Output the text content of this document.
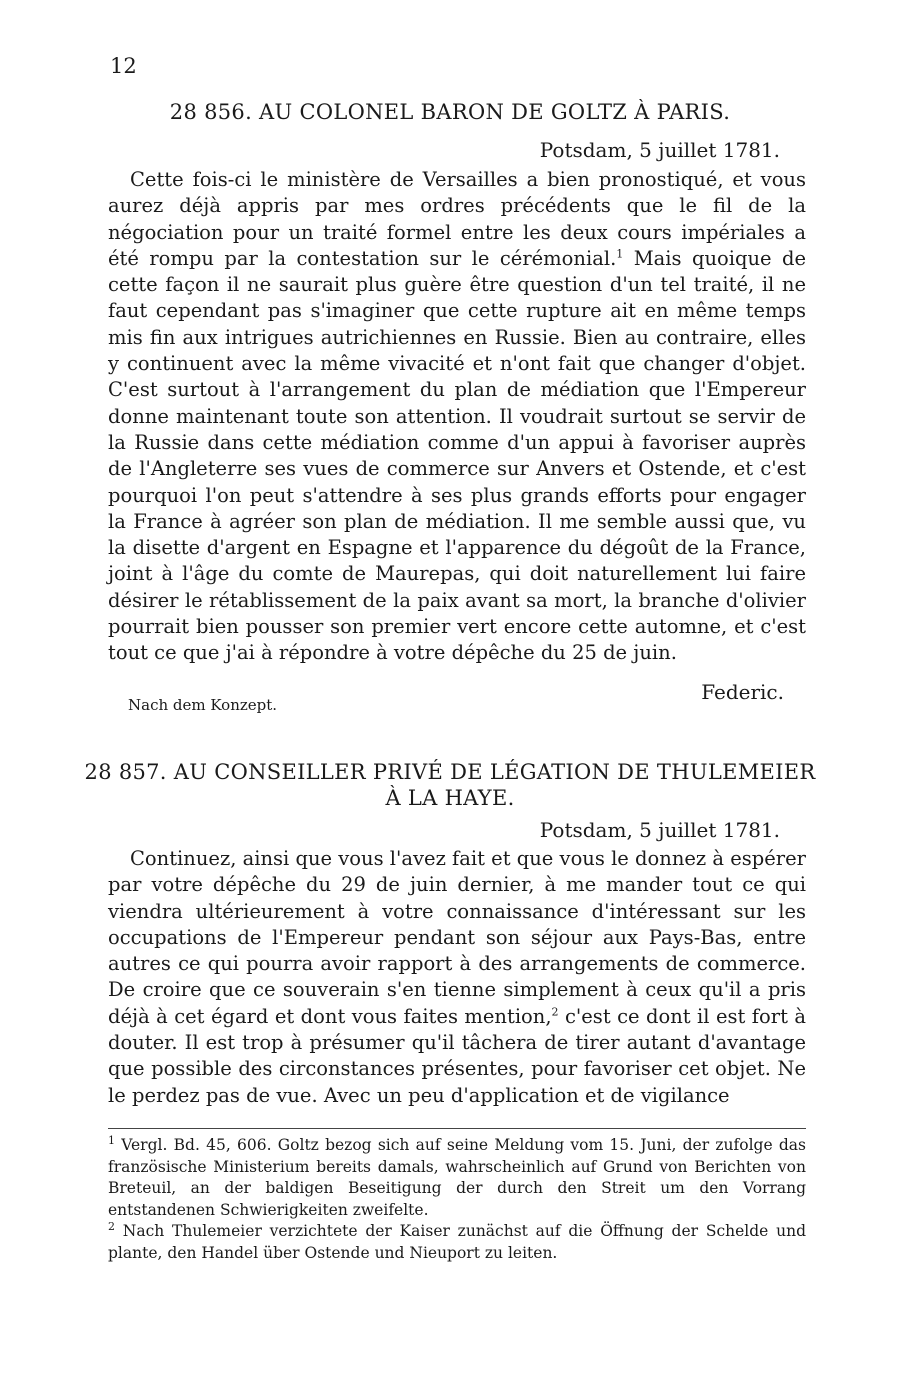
12
28 856. AU COLONEL BARON DE GOLTZ À PARIS.
Potsdam, 5 juillet 1781.

Cette fois-ci le ministère de Versailles a bien pronostiqué, et vous aurez déjà appris par mes ordres précédents que le fil de la négociation pour un traité formel entre les deux cours impériales a été rompu par la contestation sur le cérémonial.$^1$ Mais quoique de cette façon il ne saurait plus guère être question d'un tel traité, il ne faut cependant pas s'imaginer que cette rupture ait en même temps mis fin aux intrigues autrichiennes en Russie. Bien au contraire, elles y continuent avec la même vivacité et n'ont fait que changer d'objet. C'est surtout à l'arrangement du plan de médiation que l'Empereur donne maintenant toute son attention. Il voudrait surtout se servir de la Russie dans cette médiation comme d'un appui à favoriser auprès de l'Angleterre ses vues de commerce sur Anvers et Ostende, et c'est pourquoi l'on peut s'attendre à ses plus grands efforts pour engager la France à agréer son plan de médiation. Il me semble aussi que, vu la disette d'argent en Espagne et l'apparence du dégoût de la France, joint à l'âge du comte de Maurepas, qui doit naturellement lui faire désirer le rétablissement de la paix avant sa mort, la branche d'olivier pourrait bien pousser son premier vert encore cette automne, et c'est tout ce que j'ai à répondre à votre dépêche du 25 de juin.

Federic.
Nach dem Konzept.
28 857. AU CONSEILLER PRIVÉ DE LÉGATION DE THULEMEIER
À LA HAYE.
Potsdam, 5 juillet 1781.

Continuez, ainsi que vous l'avez fait et que vous le donnez à espérer par votre dépêche du 29 de juin dernier, à me mander tout ce qui viendra ultérieurement à votre connaissance d'intéressant sur les occupations de l'Empereur pendant son séjour aux Pays-Bas, entre autres ce qui pourra avoir rapport à des arrangements de commerce. De croire que ce souverain s'en tienne simplement à ceux qu'il a pris déjà à cet égard et dont vous faites mention,$^2$ c'est ce dont il est fort à douter. Il est trop à présumer qu'il tâchera de tirer autant d'avantage que possible des circonstances présentes, pour favoriser cet objet. Ne le perdez pas de vue. Avec un peu d'application et de vigilance

$^1$ Vergl. Bd. 45, 606. Goltz bezog sich auf seine Meldung vom 15. Juni, der zufolge das französische Ministerium bereits damals, wahrscheinlich auf Grund von Berichten von Breteuil, an der baldigen Beseitigung der durch den Streit um den Vorrang entstandenen Schwierigkeiten zweifelte.

$^2$ Nach Thulemeier verzichtete der Kaiser zunächst auf die Öffnung der Schelde und plante, den Handel über Ostende und Nieuport zu leiten.
